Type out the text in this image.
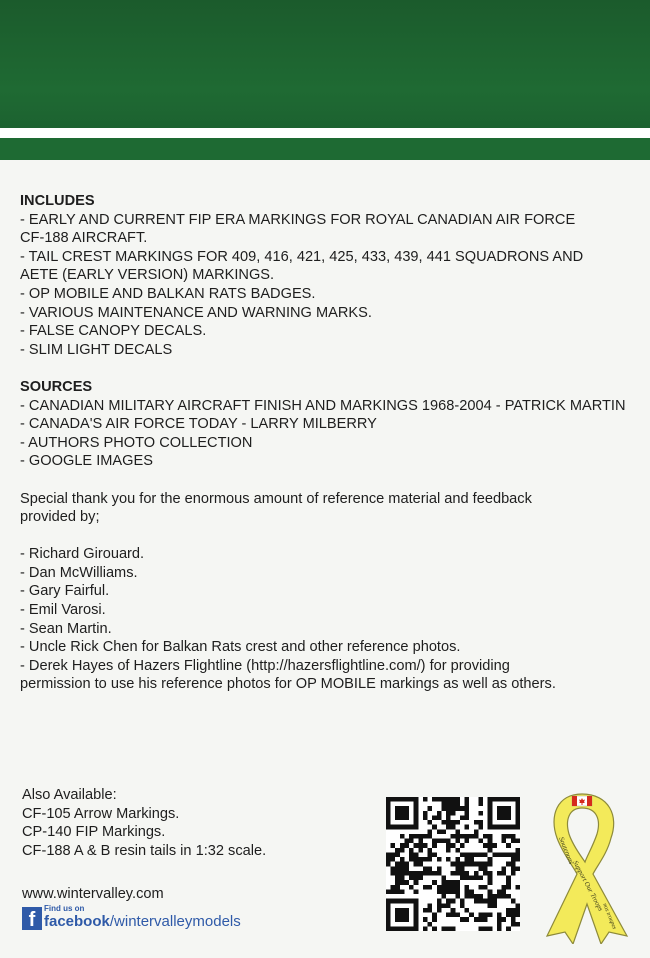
INCLUDES
- EARLY AND CURRENT FIP ERA MARKINGS FOR ROYAL CANADIAN AIR FORCE
CF-188 AIRCRAFT.
- TAIL CREST MARKINGS FOR 409, 416, 421, 425, 433, 439, 441 SQUADRONS AND
AETE (EARLY VERSION) MARKINGS.
- OP MOBILE AND BALKAN RATS BADGES.
- VARIOUS MAINTENANCE AND WARNING MARKS.
- FALSE CANOPY DECALS.
- SLIM LIGHT DECALS
SOURCES
- CANADIAN MILITARY AIRCRAFT FINISH AND MARKINGS 1968-2004 - PATRICK MARTIN
- CANADA'S AIR FORCE TODAY - LARRY MILBERRY
- AUTHORS PHOTO COLLECTION
- GOOGLE IMAGES
Special thank you for the enormous amount of reference material and feedback
provided by;
- Richard Girouard.
- Dan McWilliams.
- Gary Fairful.
- Emil Varosi.
- Sean Martin.
- Uncle Rick Chen for Balkan Rats crest and other reference photos.
- Derek Hayes of Hazers Flightline (http://hazersflightline.com/) for providing
permission to use his reference photos for OP MOBILE markings as well as others.
Also Available:
CF-105 Arrow Markings.
CP-140 FIP Markings.
CF-188 A & B resin tails in 1:32 scale.
www.wintervalley.com
f
Find us on
facebook/wintervalleymodels
Soutenons
Support Our Troops
nos troupes
